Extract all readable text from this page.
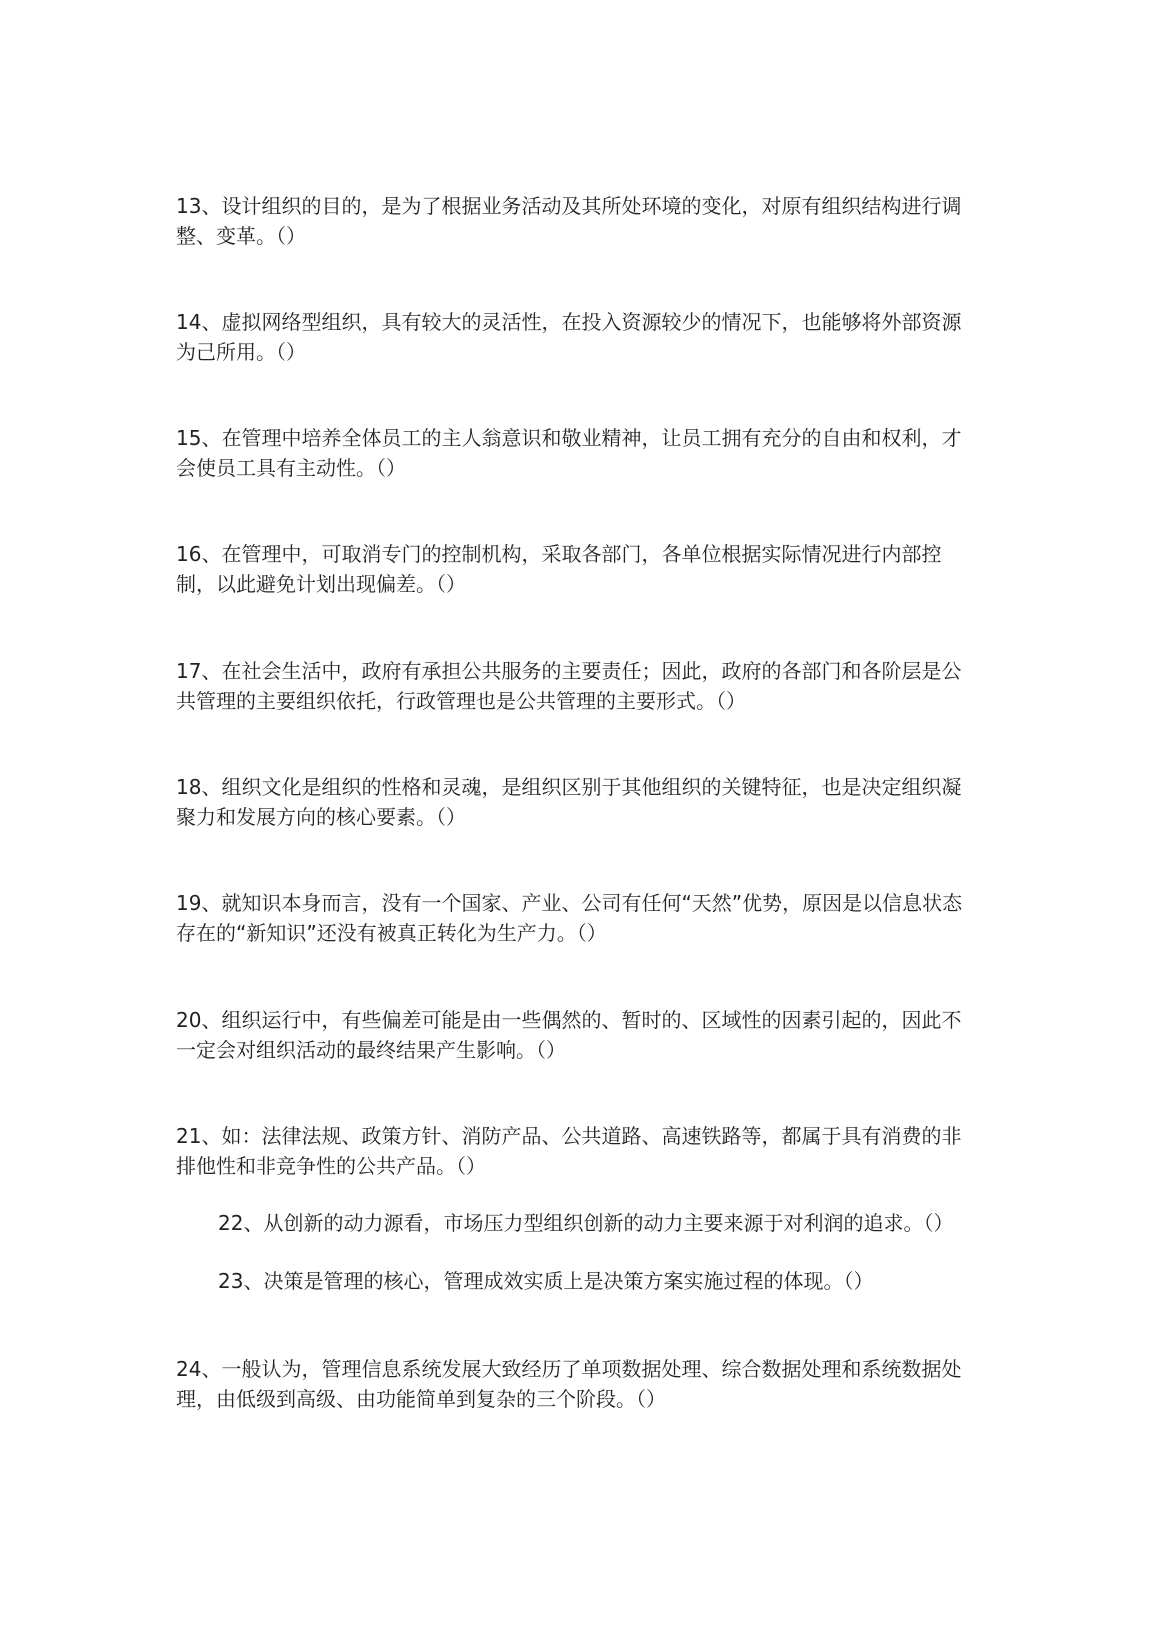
13、设计组织的目的，是为了根据业务活动及其所处环境的变化，对原有组织结构进行调整、变革。（）

14、虚拟网络型组织，具有较大的灵活性，在投入资源较少的情况下，也能够将外部资源为己所用。（）

15、在管理中培养全体员工的主人翁意识和敬业精神，让员工拥有充分的自由和权利，才会使员工具有主动性。（）

16、在管理中，可取消专门的控制机构，采取各部门，各单位根据实际情况进行内部控制，以此避免计划出现偏差。（）

17、在社会生活中，政府有承担公共服务的主要责任；因此，政府的各部门和各阶层是公共管理的主要组织依托，行政管理也是公共管理的主要形式。（）

18、组织文化是组织的性格和灵魂，是组织区别于其他组织的关键特征，也是决定组织凝聚力和发展方向的核心要素。（）

19、就知识本身而言，没有一个国家、产业、公司有任何“天然”优势，原因是以信息状态存在的“新知识”还没有被真正转化为生产力。（）

20、组织运行中，有些偏差可能是由一些偶然的、暂时的、区域性的因素引起的，因此不一定会对组织活动的最终结果产生影响。（）

21、如：法律法规、政策方针、消防产品、公共道路、高速铁路等，都属于具有消费的非排他性和非竞争性的公共产品。（）

22、从创新的动力源看，市场压力型组织创新的动力主要来源于对利润的追求。（）

23、决策是管理的核心，管理成效实质上是决策方案实施过程的体现。（）

24、一般认为，管理信息系统发展大致经历了单项数据处理、综合数据处理和系统数据处理，由低级到高级、由功能简单到复杂的三个阶段。（）
